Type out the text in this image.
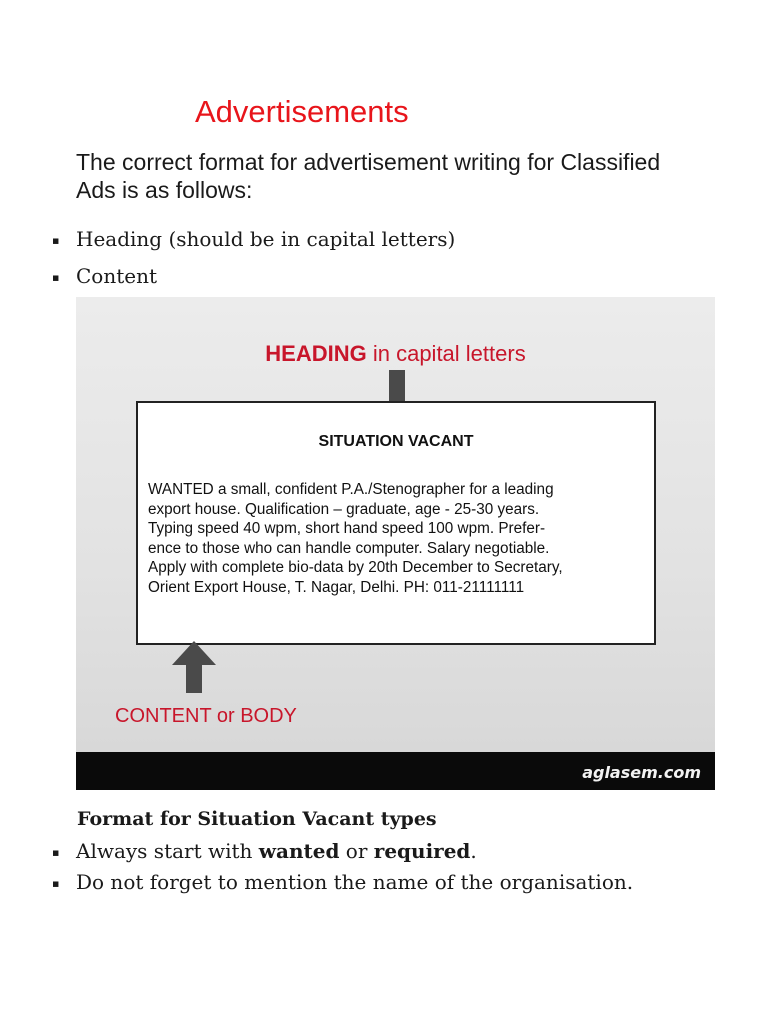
Advertisements
The correct format for advertisement writing for Classified Ads is as follows:
▪ Heading (should be in capital letters)
▪ Content
HEADING in capital letters
SITUATION VACANT
WANTED a small, confident P.A./Stenographer for a leading
export house. Qualification – graduate, age - 25-30 years.
Typing speed 40 wpm, short hand speed 100 wpm. Prefer-
ence to those who can handle computer. Salary negotiable.
Apply with complete bio-data by 20th December to Secretary,
Orient Export House, T. Nagar, Delhi. PH: 011-21111111
CONTENT or BODY
aglasem.com
Format for Situation Vacant types
▪ Always start with wanted or required.
▪ Do not forget to mention the name of the organisation.
